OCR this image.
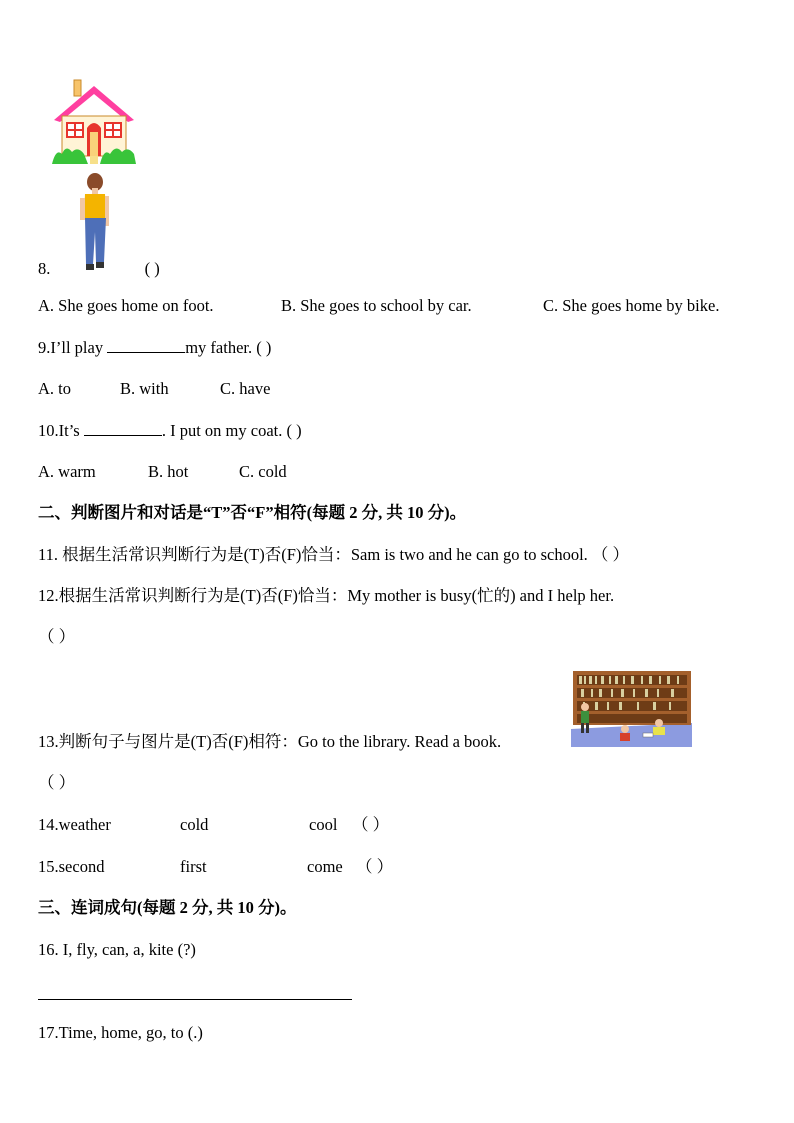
8.	( )
A. She goes home on foot.	B. She goes to school by car.	C. She goes home by bike.
9.I’ll play	my father. ( )
A. to	B. with	C. have
10.It’s	. I put on my coat. ( )
A. warm	B. hot	C. cold
二、判断图片和对话是“T”否“F”相符(每题 2 分, 共 10 分)。
11. 根据生活常识判断行为是(T)否(F)恰当：Sam is two and he can go to school. （ ）
12.根据生活常识判断行为是(T)否(F)恰当：My mother is busy(忙的) and I help her.
（ ）
13.判断句子与图片是(T)否(F)相符：Go to the library. Read a book.
（ ）
14.weather	cold	cool （ ）
15.second	first	come （ ）
三、连词成句(每题 2 分, 共 10 分)。
16. I, fly, can, a, kite (?)
17.Time, home, go, to (.)
